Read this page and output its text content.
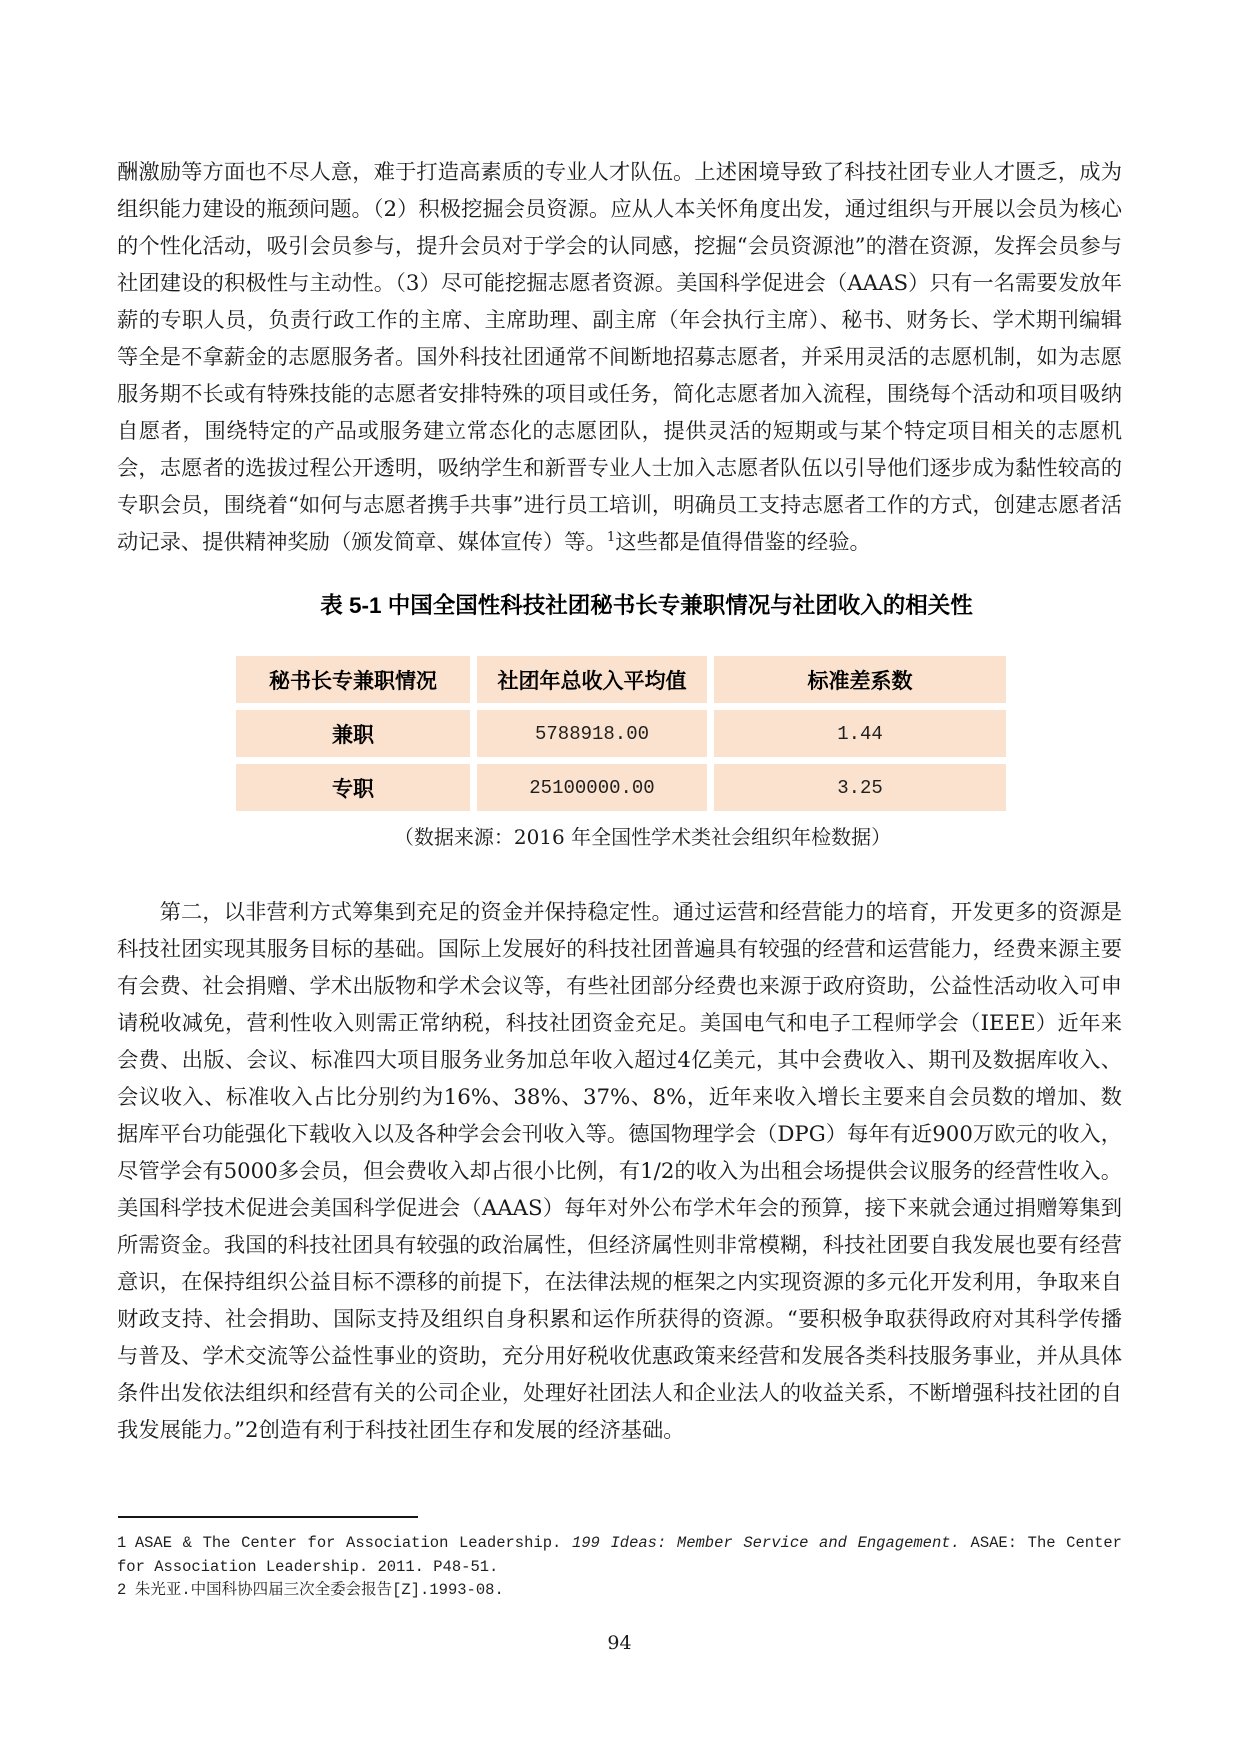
酬激励等方面也不尽人意，难于打造高素质的专业人才队伍。上述困境导致了科技社团专业人才匮乏，成为组织能力建设的瓶颈问题。（2）积极挖掘会员资源。应从人本关怀角度出发，通过组织与开展以会员为核心的个性化活动，吸引会员参与，提升会员对于学会的认同感，挖掘“会员资源池”的潜在资源，发挥会员参与社团建设的积极性与主动性。（3）尽可能挖掘志愿者资源。美国科学促进会（AAAS）只有一名需要发放年薪的专职人员，负责行政工作的主席、主席助理、副主席（年会执行主席）、秘书、财务长、学术期刊编辑等全是不拿薪金的志愿服务者。国外科技社团通常不间断地招募志愿者，并采用灵活的志愿机制，如为志愿服务期不长或有特殊技能的志愿者安排特殊的项目或任务，简化志愿者加入流程，围绕每个活动和项目吸纳自愿者，围绕特定的产品或服务建立常态化的志愿团队，提供灵活的短期或与某个特定项目相关的志愿机会，志愿者的选拔过程公开透明，吸纳学生和新晋专业人士加入志愿者队伍以引导他们逐步成为黏性较高的专职会员，围绕着“如何与志愿者携手共事”进行员工培训，明确员工支持志愿者工作的方式，创建志愿者活动记录、提供精神奖励（颁发简章、媒体宣传）等。$^1$这些都是值得借鉴的经验。

表 5-1 中国全国性科技社团秘书长专兼职情况与社团收入的相关性
秘书长专兼职情况	社团年总收入平均值	标准差系数
兼职	5788918.00	1.44
专职	25100000.00	3.25

（数据来源：2016 年全国性学术类社会组织年检数据）

第二，以非营利方式筹集到充足的资金并保持稳定性。通过运营和经营能力的培育，开发更多的资源是科技社团实现其服务目标的基础。国际上发展好的科技社团普遍具有较强的经营和运营能力，经费来源主要有会费、社会捐赠、学术出版物和学术会议等，有些社团部分经费也来源于政府资助，公益性活动收入可申请税收减免，营利性收入则需正常纳税，科技社团资金充足。美国电气和电子工程师学会（IEEE）近年来会费、出版、会议、标准四大项目服务业务加总年收入超过4亿美元，其中会费收入、期刊及数据库收入、会议收入、标准收入占比分别约为16%、38%、37%、8%，近年来收入增长主要来自会员数的增加、数据库平台功能强化下载收入以及各种学会会刊收入等。德国物理学会（DPG）每年有近900万欧元的收入，尽管学会有5000多会员，但会费收入却占很小比例，有1/2的收入为出租会场提供会议服务的经营性收入。美国科学技术促进会美国科学促进会（AAAS）每年对外公布学术年会的预算，接下来就会通过捐赠筹集到所需资金。我国的科技社团具有较强的政治属性，但经济属性则非常模糊，科技社团要自我发展也要有经营意识，在保持组织公益目标不漂移的前提下，在法律法规的框架之内实现资源的多元化开发利用，争取来自财政支持、社会捐助、国际支持及组织自身积累和运作所获得的资源。“要积极争取获得政府对其科学传播与普及、学术交流等公益性事业的资助，充分用好税收优惠政策来经营和发展各类科技服务事业，并从具体条件出发依法组织和经营有关的公司企业，处理好社团法人和企业法人的收益关系，不断增强科技社团的自我发展能力。”2创造有利于科技社团生存和发展的经济基础。

1 ASAE & The Center for Association Leadership. 199 Ideas: Member Service and Engagement. ASAE: The Center for Association Leadership. 2011. P48-51.

2 朱光亚.中国科协四届三次全委会报告[Z].1993-08.

94
